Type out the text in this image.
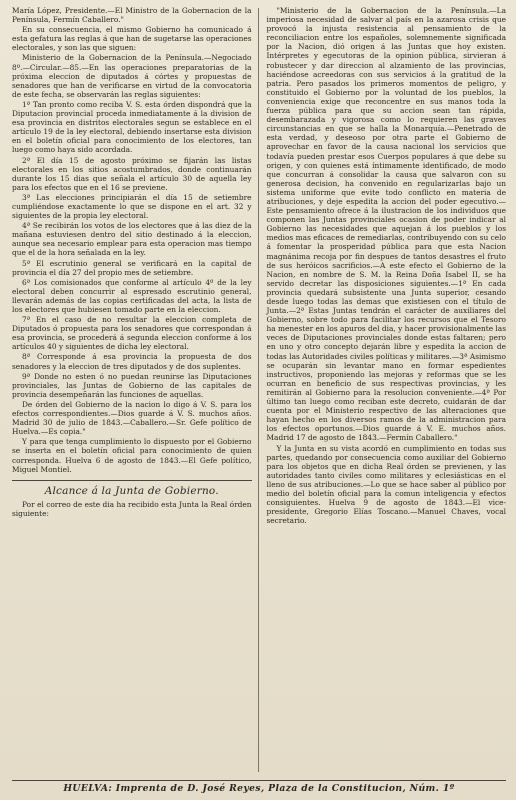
María López, Presidente.—El Ministro de la Gobernacion de la Península, Fermín Caballero."

En su consecuencia, el mismo Gobierno ha comunicado á esta gefatura las reglas á que han de sugetarse las operaciones electorales, y son las que siguen:

Ministerio de la Gobernacion de la Península.—Negociado 8º.—Circular.—85.—En las operaciones preparatorias de la próxima eleccion de diputados á córtes y propuestas de senadores que han de verificarse en virtud de la convocatoria de este fecha, se observarán las reglas siguientes:

1ª Tan pronto como reciba V. S. esta órden dispondrá que la Diputacion provincial proceda inmediatamente á la division de esa provincia en distritos electorales segun se establece en el artículo 19 de la ley electoral, debiendo insertarse esta division en el boletín oficial para conocimiento de los electores, tan luego como haya sido acordada.

2ª El día 15 de agosto próximo se fijarán las listas electorales en los sitios acostumbrados, donde continuarán durante los 15 dias que señala el artículo 30 de aquella ley para los efectos que en el 16 se previene.

3ª Las elecciones principiarán el día 15 de setiembre cumpliéndose exactamente lo que se dispone en el art. 32 y siguientes de la propia ley electoral.

4ª Se recibirán los votos de los electores que á las diez de la mañana estuviesen dentro del sitio destinado á la eleccion, aunque sea necesario emplear para esta operacion mas tiempo que el de la hora señalada en la ley.

5ª El escrutinio general se verificará en la capital de provincia el día 27 del propio mes de setiembre.

6ª Los comisionados que conforme al artículo 4º de la ley electoral deben concurrir al espresado escrutinio general, llevarán además de las copias certificadas del acta, la lista de los electores que hubiesen tomado parte en la eleccion.

7ª En el caso de no resultar la eleccion completa de Diputados ó propuesta para los senadores que correspondan á esa provincia, se procederá á segunda eleccion conforme á los artículos 40 y siguientes de dicha ley electoral.

8ª Corresponde á esa provincia la propuesta de dos senadores y la eleccion de tres diputados y de dos suplentes.

9ª Donde no esten ó no puedan reunirse las Diputaciones provinciales, las Juntas de Gobierno de las capitales de provincia desempeñarán las funciones de aquellas.

De órden del Gobierno de la nacion lo digo á V. S. para los efectos correspondientes.—Dios guarde á V. S. muchos años. Madrid 30 de julio de 1843.—Caballero.—Sr. Gefe político de Huelva.—Es copia."

Y para que tenga cumplimiento lo dispuesto por el Gobierno se inserta en el boletín oficial para conocimiento de quien corresponda. Huelva 6 de agosto de 1843.—El Gefe político, Miguel Montiel.

Alcance á la Junta de Gobierno.

Por el correo de este dia ha recibido esta Junta la Real órden siguiente:

"Ministerio de la Gobernacion de la Península.—La imperiosa necesidad de salvar al país en la azarosa crisis que provocó la injusta resistencia al pensamiento de la reconciliacion entre los españoles, solemnemente significada por la Nacion, dió origen á las Juntas que hoy existen. Intérpretes y egecutoras de la opinion pública, sirvieran á robustecer y dar direccion al alzamiento de las provincias, haciéndose acreedoras con sus servicios á la gratitud de la patria. Pero pasados los primeros momentos de peligro, y constituido el Gobierno por la voluntad de los pueblos, la conveniencia exige que reconcentre en sus manos toda la fuerza pública para que su accion sean tan rápida, desembarazada y vigorosa como lo requieren las graves circunstancias en que se halla la Monarquía.—Penetrado de esta verdad, y deseoso por otra parte el Gobierno de aprovechar en favor de la causa nacional los servicios que todavía pueden prestar esos Cuerpos populares á que debe su origen, y con quienes está íntimamente identificado, de modo que concurran á consolidar la causa que salvaron con su generosa decision, ha convenido en regularizarlas bajo un sistema uniforme que evite todo conflicto en materia de atribuciones, y deje espedita la accion del poder egecutivo.—Este pensamiento ofrece á la ilustracion de los individuos que componen las Juntas provinciales ocasion de poder indicar al Gobierno las necesidades que aquejan á los pueblos y los medios mas eficaces de remediarlas, contribuyendo con su celo á fomentar la prosperidad pública para que esta Nacion magnánima recoja por fin despues de tantos desastres el fruto de sus heróicos sacrificios.—A este efecto el Gobierno de la Nacion, en nombre de S. M. la Reina Doña Isabel II, se ha servido decretar las disposiciones siguientes.—1ª En cada provincia quedará subsistente una Junta superior, cesando desde luego todas las demas que existiesen con el título de Junta.—2ª Estas Juntas tendrán el carácter de auxiliares del Gobierno, sobre todo para facilitar los recursos que el Tesoro ha menester en los apuros del dia, y hacer provisionalmente las veces de Diputaciones provinciales donde estas faltaren; pero en uno y otro concepto dejarán libre y espedita la accion de todas las Autoridades civiles políticas y militares.—3ª Asimismo se ocuparán sin levantar mano en formar espedientes instructivos, proponiendo las mejoras y reformas que se les ocurran en beneficio de sus respectivas provincias, y les remitirán al Gobierno para la resolucion conveniente.—4ª Por último tan luego como reciban este decreto, cuidarán de dar cuenta por el Ministerio respectivo de las alteraciones que hayan hecho en los diversos ramos de la administracion para los efectos oportunos.—Dios guarde á V. E. muchos años. Madrid 17 de agosto de 1843.—Fermín Caballero."

Y la Junta en su vista acordó en cumplimiento en todas sus partes, quedando por consecuencia como auxiliar del Gobierno para los objetos que en dicha Real órden se previenen, y las autoridades tanto civiles como militares y eclesiásticas en el lleno de sus atribuciones.—Lo que se hace saber al público por medio del boletín oficial para la comun inteligencia y efectos consiguientes. Huelva 9 de agosto de 1843.—El vice-presidente, Gregorio Elías Toscano.—Manuel Chaves, vocal secretario.

HUELVA: Imprenta de D. José Reyes, Plaza de la Constitucion, Núm. 1º
